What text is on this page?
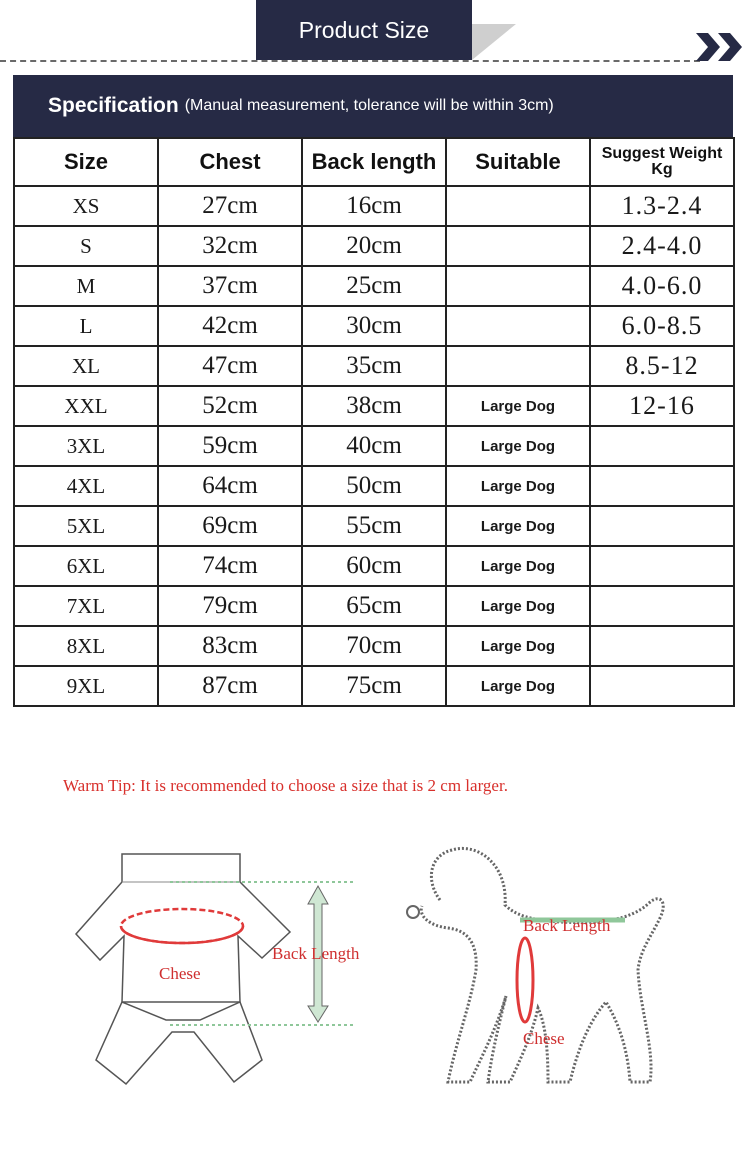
Product Size
Specification (Manual measurement, tolerance will be within 3cm)
Size	Chest	Back length	Suitable	Suggest Weight
Kg
XS	27cm	16cm		1.3-2.4
S	32cm	20cm		2.4-4.0
M	37cm	25cm		4.0-6.0
L	42cm	30cm		6.0-8.5
XL	47cm	35cm		8.5-12
XXL	52cm	38cm	Large Dog	12-16
3XL	59cm	40cm	Large Dog	
4XL	64cm	50cm	Large Dog	
5XL	69cm	55cm	Large Dog	
6XL	74cm	60cm	Large Dog	
7XL	79cm	65cm	Large Dog	
8XL	83cm	70cm	Large Dog	
9XL	87cm	75cm	Large Dog	
Warm Tip: It is recommended to choose a size that is 2 cm larger.
Chese
Back Length
Back Length
Chese
